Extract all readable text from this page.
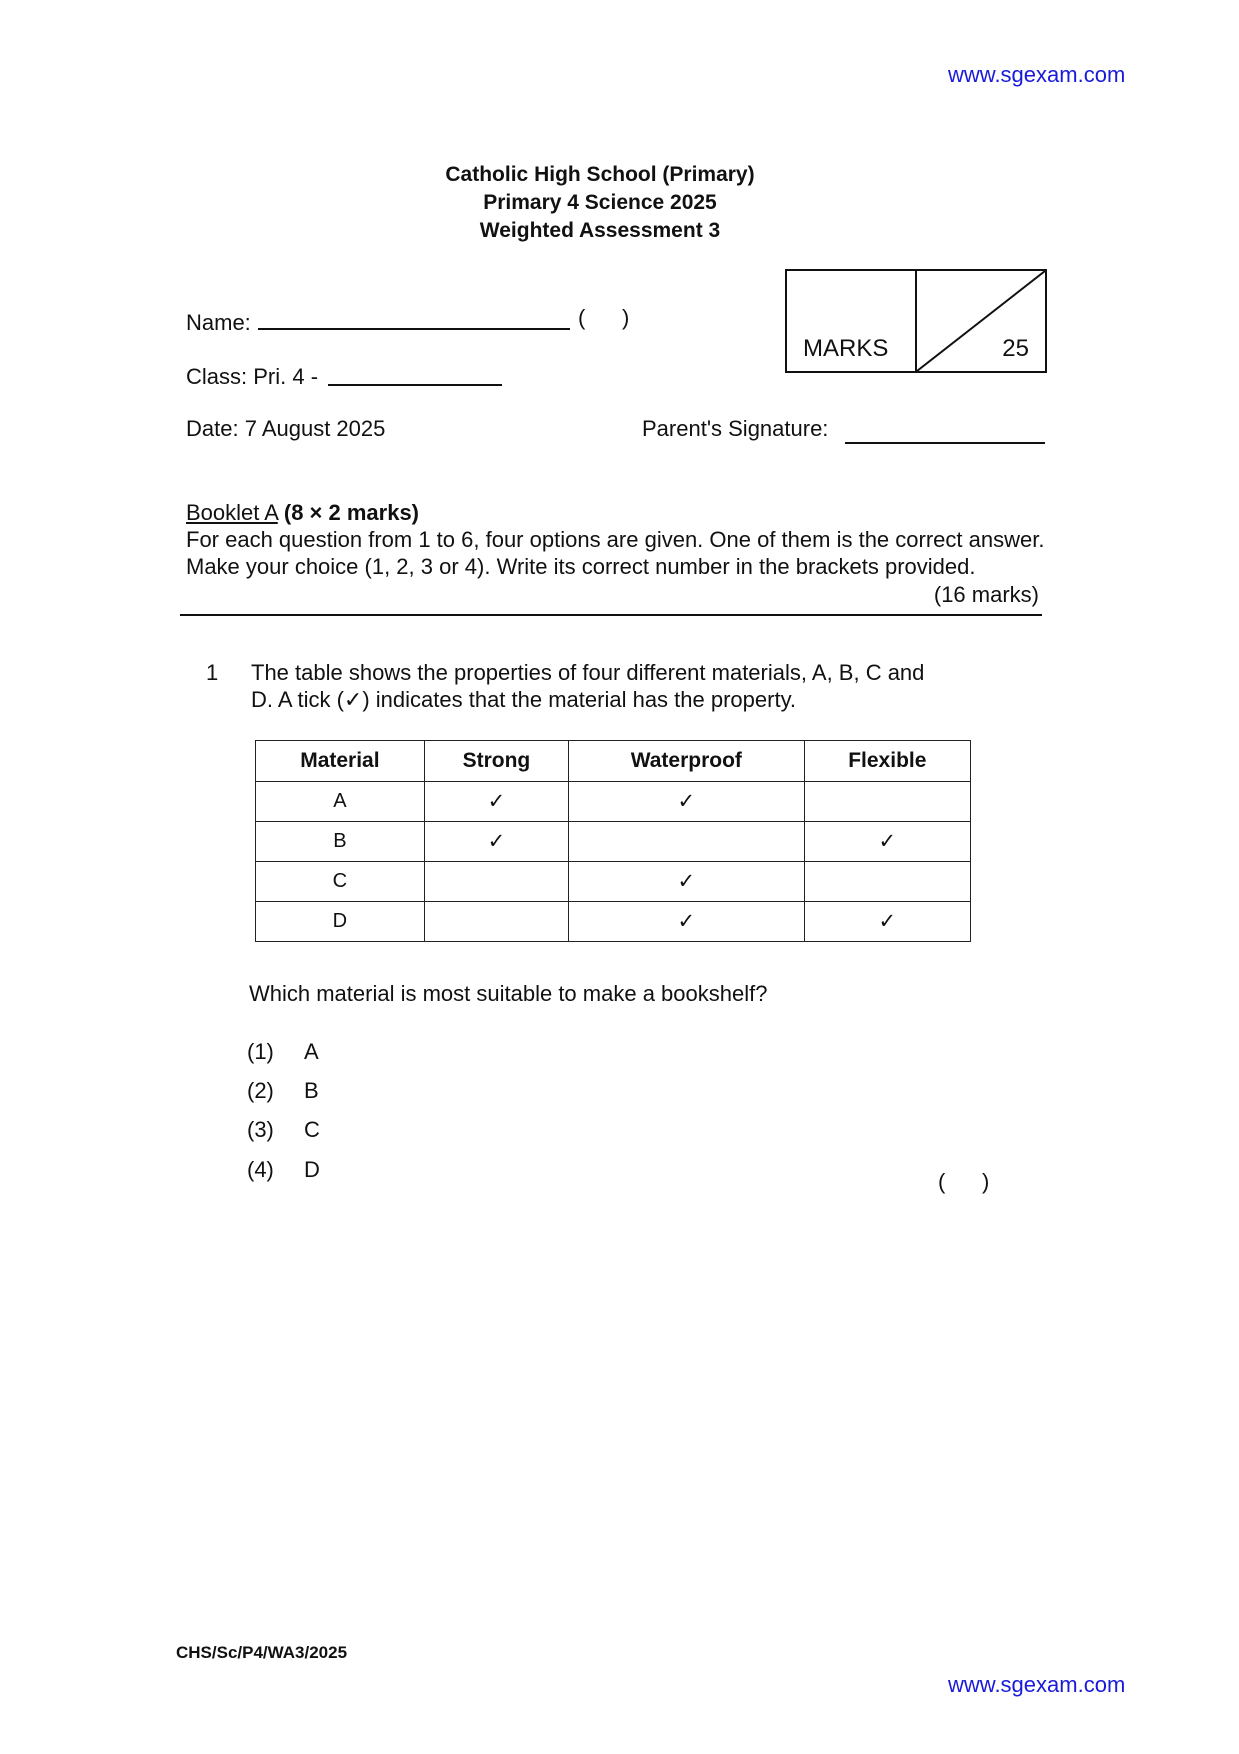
www.sgexam.com
Catholic High School (Primary)
Primary 4 Science 2025
Weighted Assessment 3
Name:	(      )
Class: Pri. 4 -
MARKS	25
Date: 7 August 2025	Parent's Signature:
Booklet A (8 × 2 marks)
For each question from 1 to 6, four options are given. One of them is the correct answer.
Make your choice (1, 2, 3 or 4). Write its correct number in the brackets provided.
(16 marks)
1 The table shows the properties of four different materials, A, B, C and
D. A tick (✓) indicates that the material has the property.
Material	Strong	Waterproof	Flexible
A	✓	✓	
B	✓		✓
C		✓	
D		✓	✓
Which material is most suitable to make a bookshelf?
(1) A
(2) B
(3) C
(4) D	(      )
CHS/Sc/P4/WA3/2025
www.sgexam.com
